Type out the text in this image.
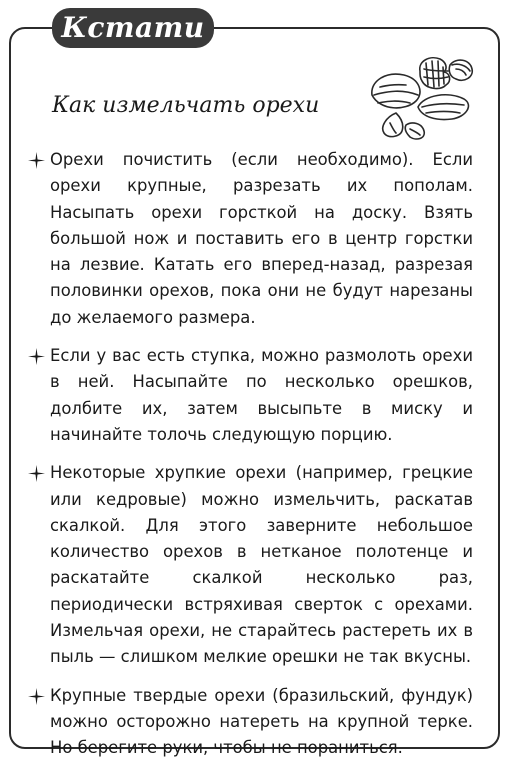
Кстати
Как измельчать орехи
Орехи почистить (если необходимо). Если орехи крупные, разрезать их пополам. Насыпать орехи горсткой на доску. Взять большой нож и поставить его в центр горстки на лезвие. Катать его вперед-назад, разрезая половинки орехов, пока они не будут нарезаны до желаемого размера.
Если у вас есть ступка, можно размолоть орехи в ней. Насыпайте по несколько орешков, долбите их, затем высыпьте в миску и начинайте толочь следующую порцию.
Некоторые хрупкие орехи (например, грецкие или кедровые) можно измельчить, раскатав скалкой. Для этого заверните небольшое количество орехов в нетканое полотенце и раскатайте скалкой несколько раз, периодически встряхивая сверток с орехами. Измельчая орехи, не старайтесь растереть их в пыль — слишком мелкие орешки не так вкусны.
Крупные твердые орехи (бразильский, фундук) можно осторожно натереть на крупной терке. Но берегите руки, чтобы не пораниться.
